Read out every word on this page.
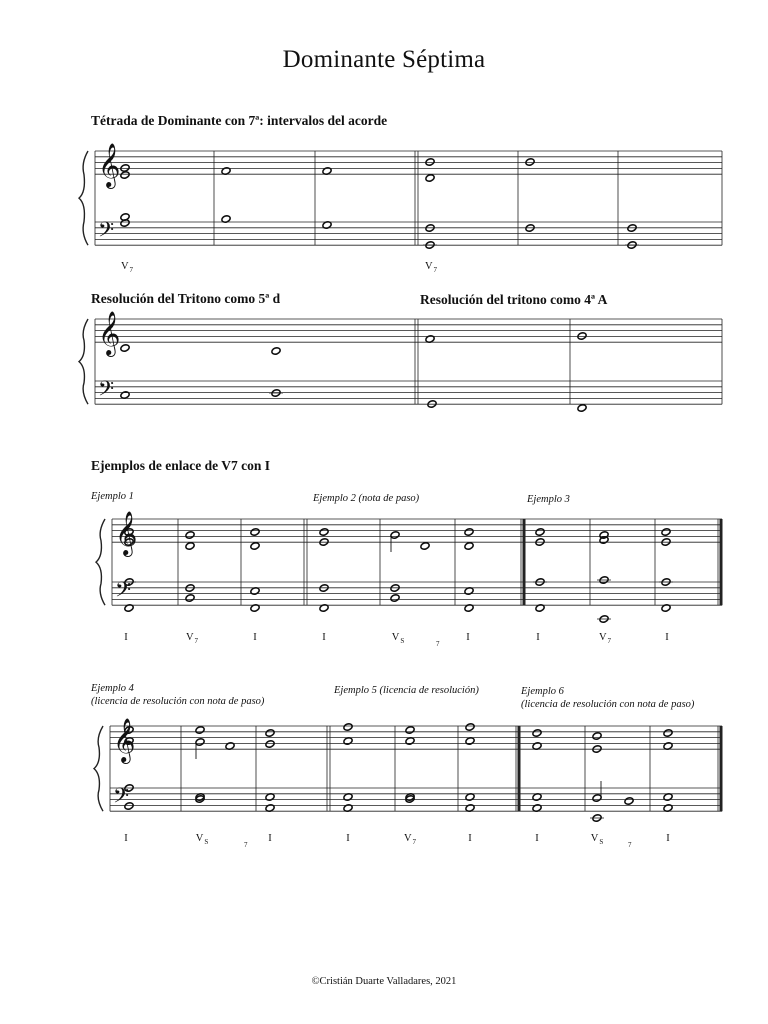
Dominante Séptima
Tétrada de Dominante con 7ª: intervalos del acorde
Resolución del Tritono como 5ª d	Resolución del tritono como 4ª A
Ejemplos de enlace de V7 con I
Ejemplo 1	Ejemplo 2 (nota de paso)	Ejemplo 3
Ejemplo 4
(licencia de resolución con nota de paso)
Ejemplo 5 (licencia de resolución)	Ejemplo 6
(licencia de resolución con nota de paso)
$V_7$	$V_7$
I	$V_7$	I	I	$V_S$	7
I	I	$V_7$	I
I	$V_S$	7
I	I	$V_7$	I	I	$V_S$	7
I
©Cristián Duarte Valladares, 2021
𝄞
𝄢
𝄞
𝄢
𝄞
𝄢
𝄞
𝄢
